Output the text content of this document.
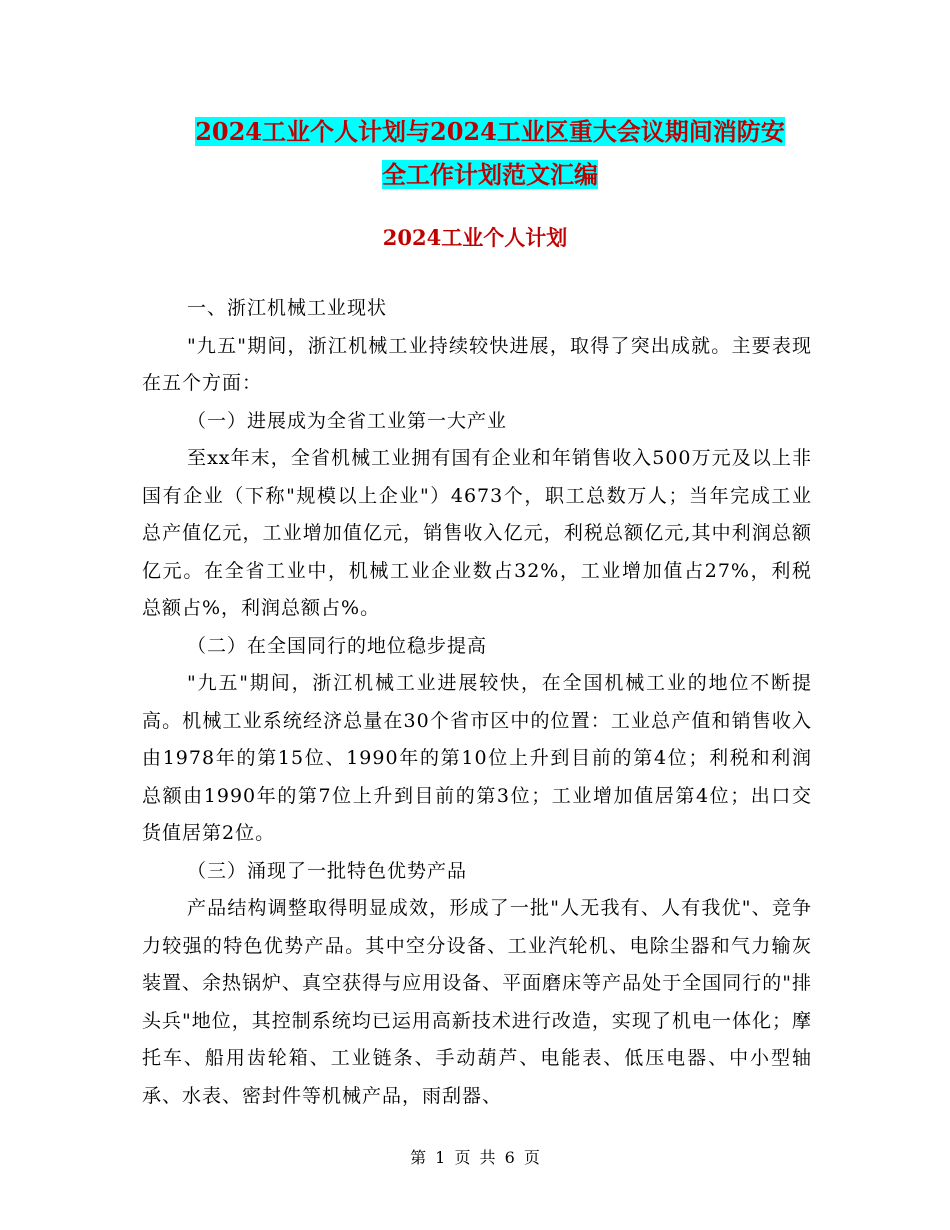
2024工业个人计划与2024工业区重大会议期间消防安
全工作计划范文汇编
2024工业个人计划

一、浙江机械工业现状

"九五"期间，浙江机械工业持续较快进展，取得了突出成就。主要表现在五个方面：

（一）进展成为全省工业第一大产业

至xx年末，全省机械工业拥有国有企业和年销售收入500万元及以上非国有企业（下称"规模以上企业"）4673个，职工总数万人；当年完成工业总产值亿元，工业增加值亿元，销售收入亿元，利税总额亿元,其中利润总额亿元。在全省工业中，机械工业企业数占32%，工业增加值占27%，利税总额占%，利润总额占%。

（二）在全国同行的地位稳步提高

"九五"期间，浙江机械工业进展较快，在全国机械工业的地位不断提高。机械工业系统经济总量在30个省市区中的位置：工业总产值和销售收入由1978年的第15位、1990年的第10位上升到目前的第4位；利税和利润总额由1990年的第7位上升到目前的第3位；工业增加值居第4位；出口交货值居第2位。

（三）涌现了一批特色优势产品

产品结构调整取得明显成效，形成了一批"人无我有、人有我优"、竞争力较强的特色优势产品。其中空分设备、工业汽轮机、电除尘器和气力输灰装置、余热锅炉、真空获得与应用设备、平面磨床等产品处于全国同行的"排头兵"地位，其控制系统均已运用高新技术进行改造，实现了机电一体化；摩托车、船用齿轮箱、工业链条、手动葫芦、电能表、低压电器、中小型轴承、水表、密封件等机械产品，雨刮器、

第 1 页 共 6 页
